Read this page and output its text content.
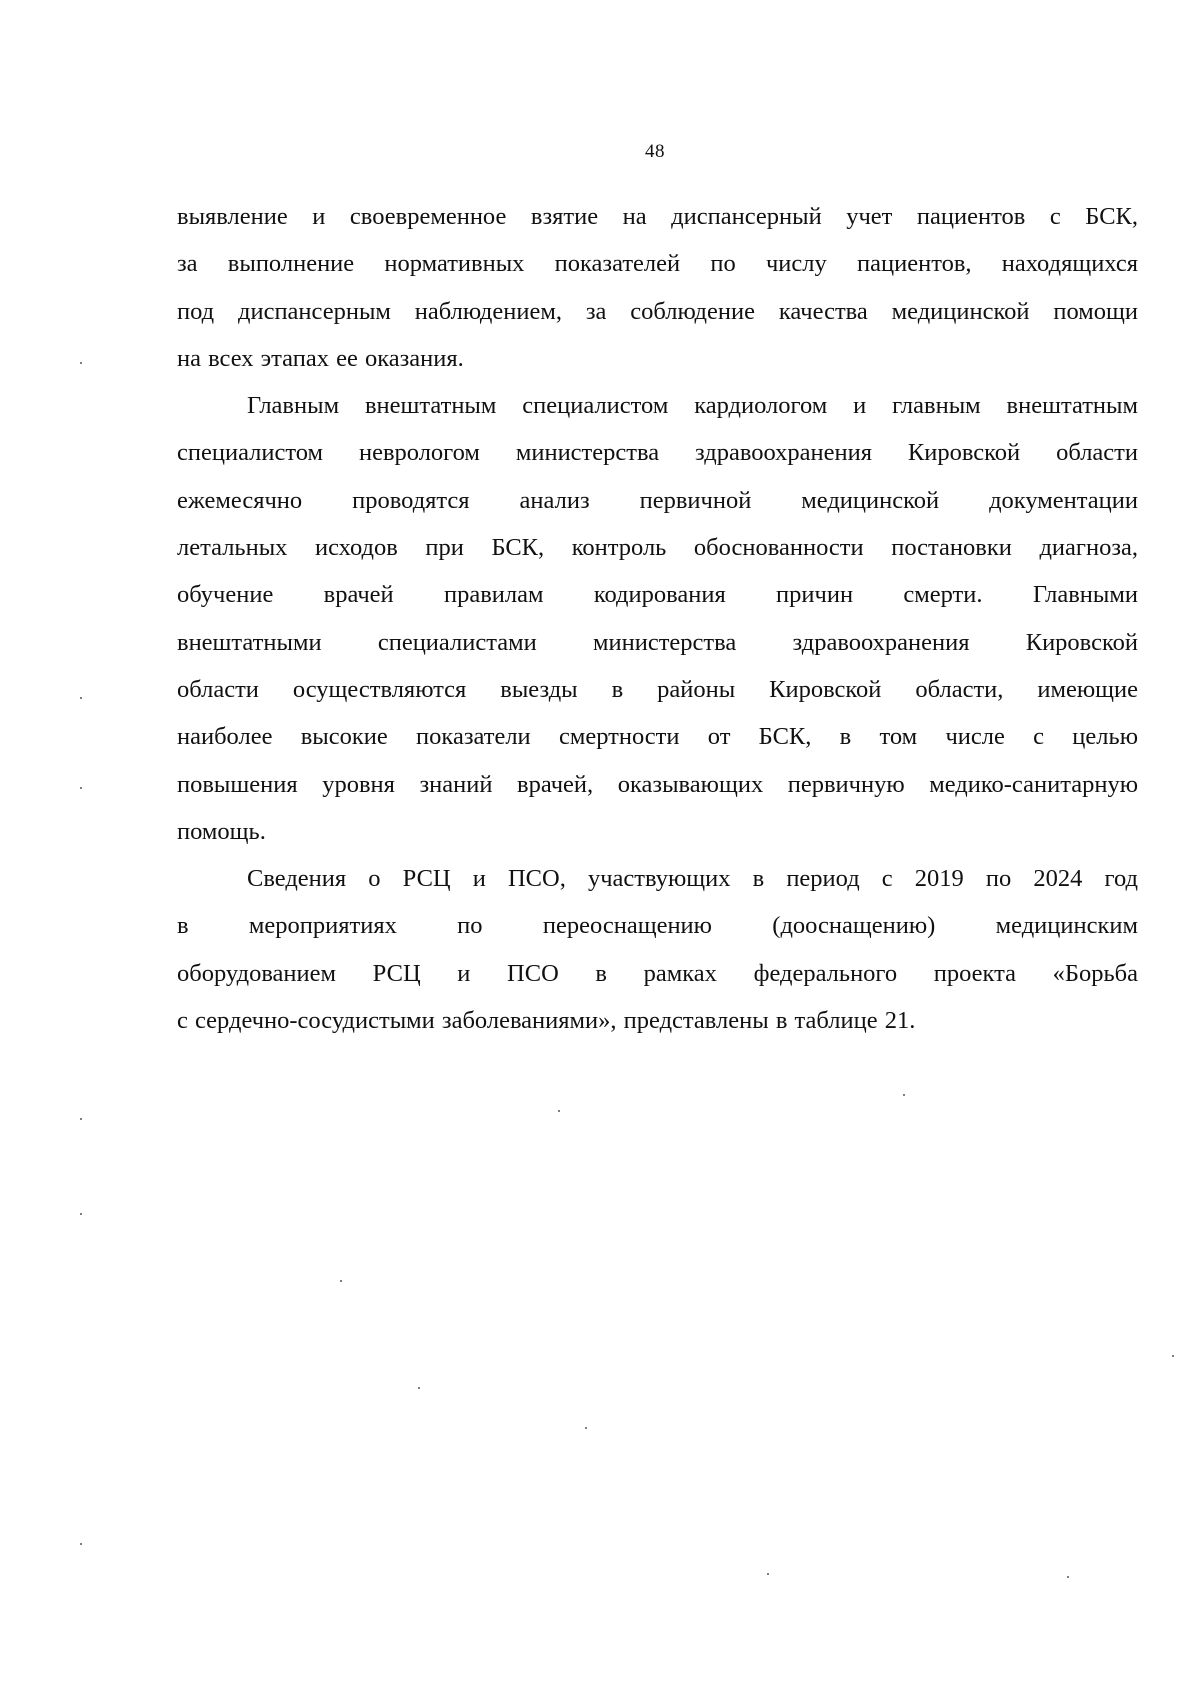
48

выявление и своевременное взятие на диспансерный учет пациентов с БСК,
за выполнение нормативных показателей по числу пациентов, находящихся
под диспансерным наблюдением, за соблюдение качества медицинской помощи
на всех этапах ее оказания.

Главным внештатным специалистом кардиологом и главным внештатным
специалистом неврологом министерства здравоохранения Кировской области
ежемесячно проводятся анализ первичной медицинской документации
летальных исходов при БСК, контроль обоснованности постановки диагноза,
обучение врачей правилам кодирования причин смерти. Главными
внештатными специалистами министерства здравоохранения Кировской
области осуществляются выезды в районы Кировской области, имеющие
наиболее высокие показатели смертности от БСК, в том числе с целью
повышения уровня знаний врачей, оказывающих первичную медико-санитарную
помощь.

Сведения о РСЦ и ПСО, участвующих в период с 2019 по 2024 год
в мероприятиях по переоснащению (дооснащению) медицинским
оборудованием РСЦ и ПСО в рамках федерального проекта «Борьба
с сердечно-сосудистыми заболеваниями», представлены в таблице 21.
